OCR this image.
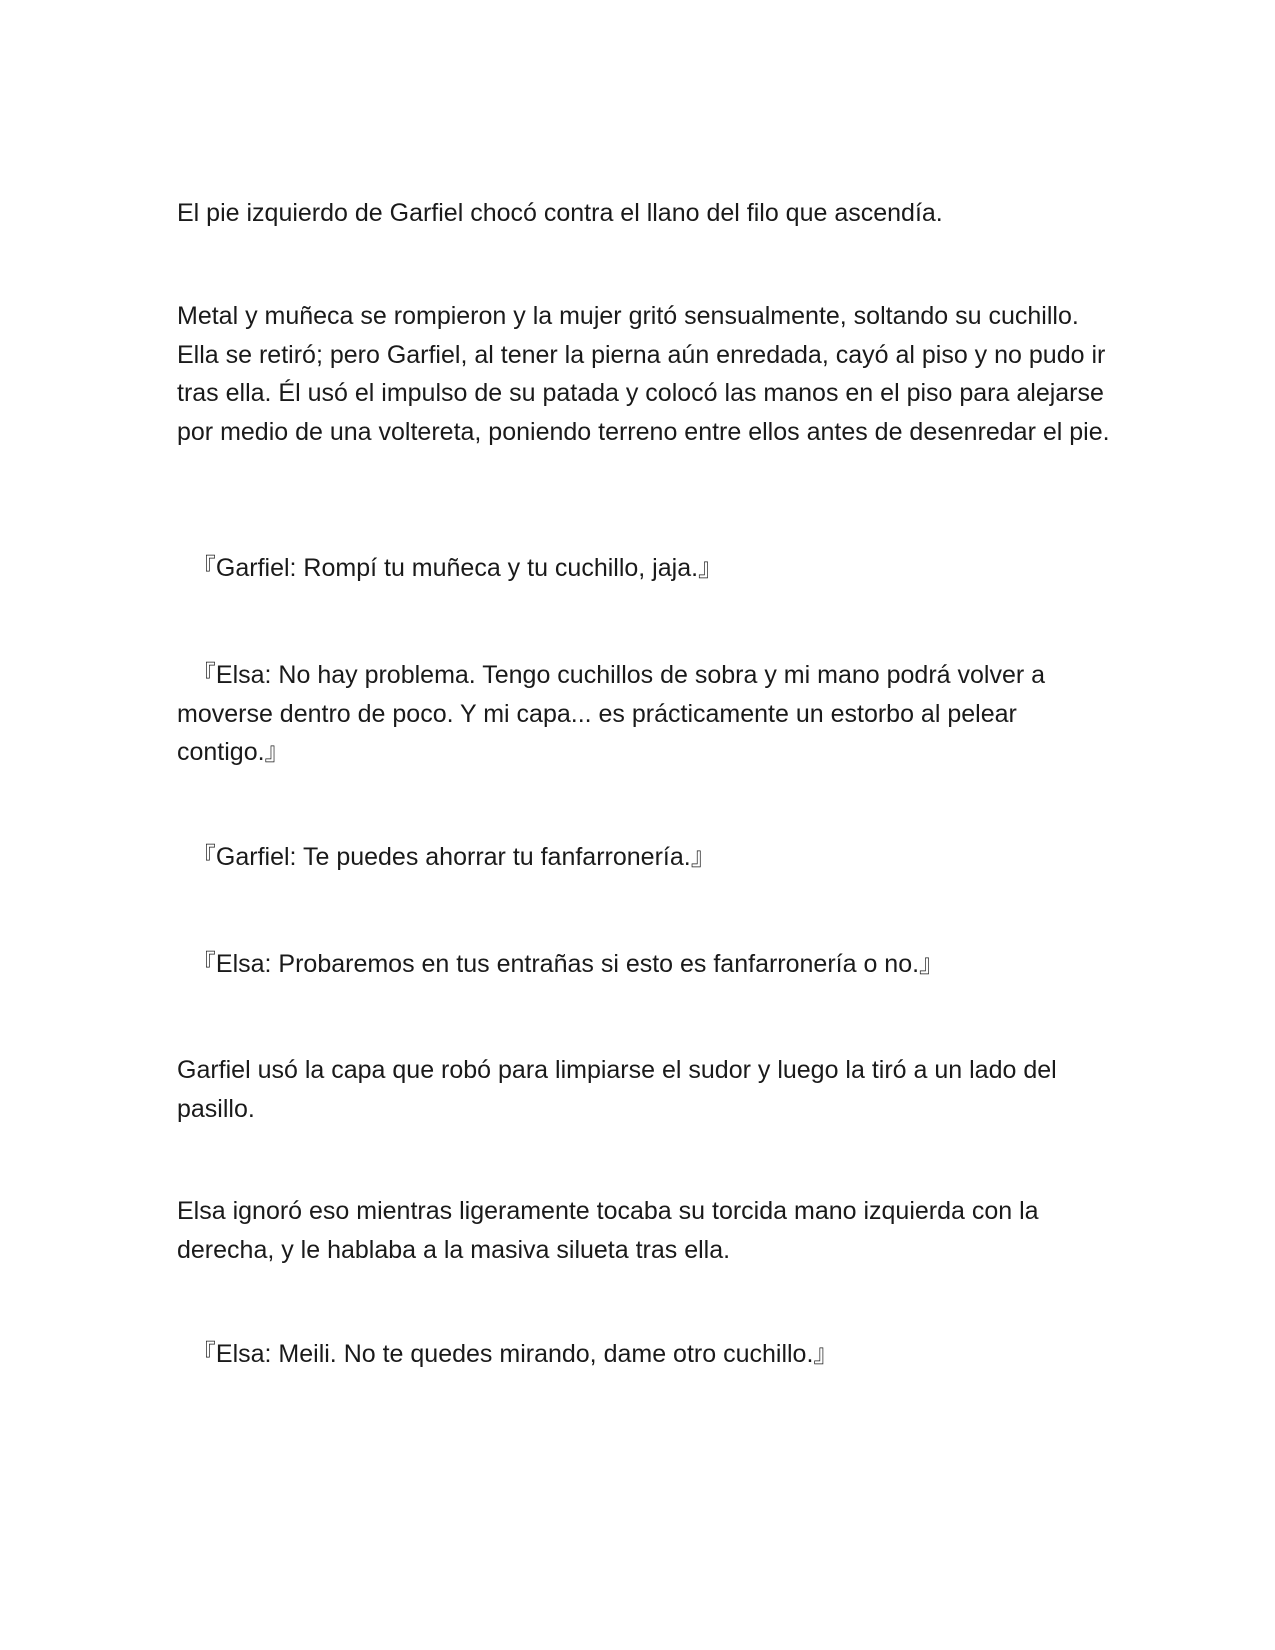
El pie izquierdo de Garfiel chocó contra el llano del filo que ascendía.

Metal y muñeca se rompieron y la mujer gritó sensualmente, soltando su cuchillo. Ella se retiró; pero Garfiel, al tener la pierna aún enredada, cayó al piso y no pudo ir tras ella. Él usó el impulso de su patada y colocó las manos en el piso para alejarse por medio de una voltereta, poniendo terreno entre ellos antes de desenredar el pie.

『Garfiel: Rompí tu muñeca y tu cuchillo, jaja.』

『Elsa: No hay problema. Tengo cuchillos de sobra y mi mano podrá volver a moverse dentro de poco. Y mi capa... es prácticamente un estorbo al pelear contigo.』

『Garfiel: Te puedes ahorrar tu fanfarronería.』

『Elsa: Probaremos en tus entrañas si esto es fanfarronería o no.』

Garfiel usó la capa que robó para limpiarse el sudor y luego la tiró a un lado del pasillo.

Elsa ignoró eso mientras ligeramente tocaba su torcida mano izquierda con la derecha, y le hablaba a la masiva silueta tras ella.

『Elsa: Meili. No te quedes mirando, dame otro cuchillo.』
